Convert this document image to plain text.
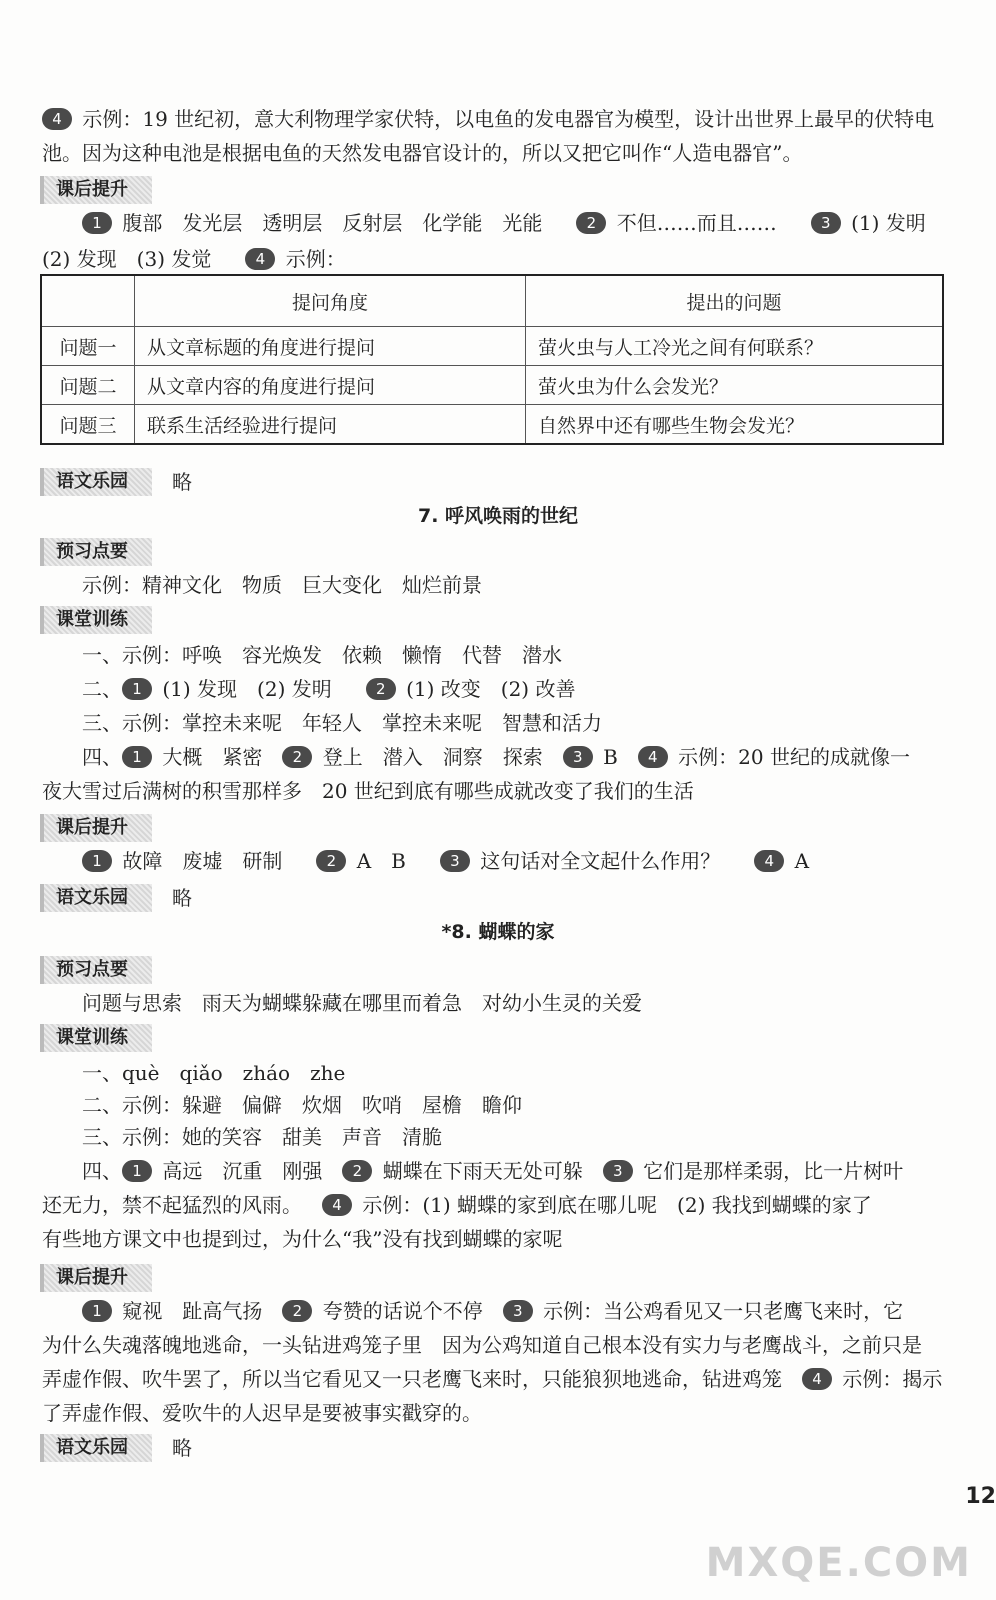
4 示例：19 世纪初，意大利物理学家伏特，以电鱼的发电器官为模型，设计出世界上最早的伏特电
池。因为这种电池是根据电鱼的天然发电器官设计的，所以又把它叫作“人造电器官”。
课后提升
1 腹部　发光层　透明层　反射层　化学能　光能	2 不但……而且……	3 (1) 发明
(2) 发现　(3) 发觉	4 示例：
	提问角度	提出的问题
问题一	从文章标题的角度进行提问	萤火虫与人工冷光之间有何联系？
问题二	从文章内容的角度进行提问	萤火虫为什么会发光？
问题三	联系生活经验进行提问	自然界中还有哪些生物会发光？
语文乐园	略
7. 呼风唤雨的世纪
预习点要
示例：精神文化　物质　巨大变化　灿烂前景
课堂训练
一、示例：呼唤　容光焕发　依赖　懒惰　代替　潜水
二、 1 (1) 发现　(2) 发明	2 (1) 改变　(2) 改善
三、示例：掌控未来呢　年轻人　掌控未来呢　智慧和活力
四、 1 大概　紧密 2 登上　潜入　洞察　探索 3 B 4 示例：20 世纪的成就像一
夜大雪过后满树的积雪那样多　20 世纪到底有哪些成就改变了我们的生活
课后提升
1 故障　废墟　研制	2 A　B	3 这句话对全文起什么作用？	4 A
语文乐园	略
*8. 蝴蝶的家
预习点要
问题与思索　雨天为蝴蝶躲藏在哪里而着急　对幼小生灵的关爱
课堂训练
一、què　qiǎo　zháo　zhe
二、示例：躲避　偏僻　炊烟　吹哨　屋檐　瞻仰
三、示例：她的笑容　甜美　声音　清脆
四、 1 高远　沉重　刚强 2 蝴蝶在下雨天无处可躲 3 它们是那样柔弱，比一片树叶
还无力，禁不起猛烈的风雨。 4 示例：(1) 蝴蝶的家到底在哪儿呢　(2) 我找到蝴蝶的家了
有些地方课文中也提到过，为什么“我”没有找到蝴蝶的家呢
课后提升
1 窥视　趾高气扬 2 夸赞的话说个不停 3 示例：当公鸡看见又一只老鹰飞来时，它
为什么失魂落魄地逃命，一头钻进鸡笼子里　因为公鸡知道自己根本没有实力与老鹰战斗，之前只是
弄虚作假、吹牛罢了，所以当它看见又一只老鹰飞来时，只能狼狈地逃命，钻进鸡笼 4 示例：揭示
了弄虚作假、爱吹牛的人迟早是要被事实戳穿的。
语文乐园	略
12
MXQE.COM
